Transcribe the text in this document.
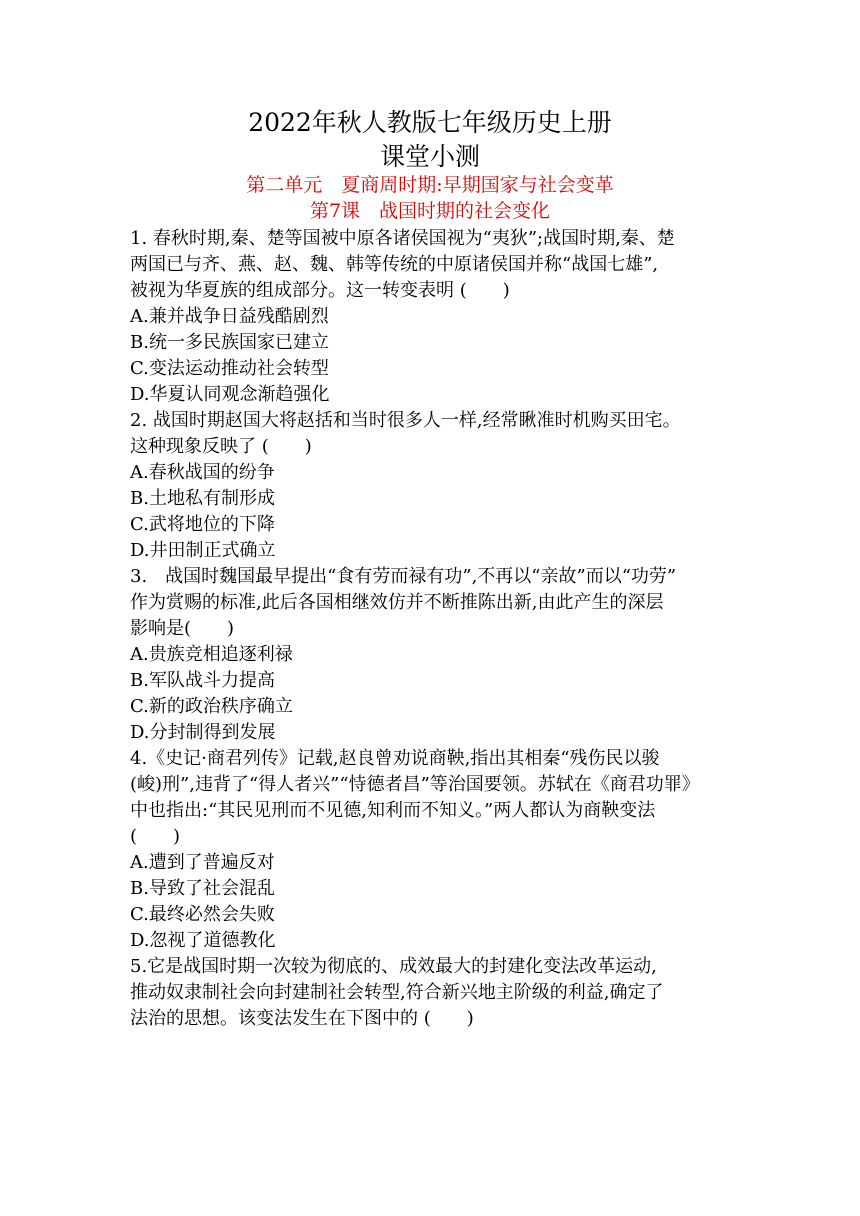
2022年秋人教版七年级历史上册
课堂小测
第二单元　夏商周时期:早期国家与社会变革
第7课　战国时期的社会变化
1. 春秋时期,秦、楚等国被中原各诸侯国视为“夷狄”;战国时期,秦、楚
两国已与齐、燕、赵、魏、韩等传统的中原诸侯国并称“战国七雄”,
被视为华夏族的组成部分。这一转变表明 (　　)
A.兼并战争日益残酷剧烈
B.统一多民族国家已建立
C.变法运动推动社会转型
D.华夏认同观念渐趋强化
2. 战国时期赵国大将赵括和当时很多人一样,经常瞅准时机购买田宅。
这种现象反映了 (　　)
A.春秋战国的纷争
B.土地私有制形成
C.武将地位的下降
D.井田制正式确立
3.　战国时魏国最早提出“食有劳而禄有功”,不再以“亲故”而以“功劳”
作为赏赐的标准,此后各国相继效仿并不断推陈出新,由此产生的深层
影响是(　　)
A.贵族竞相追逐利禄
B.军队战斗力提高
C.新的政治秩序确立
D.分封制得到发展
4.《史记·商君列传》记载,赵良曾劝说商鞅,指出其相秦“残伤民以骏
(峻)刑”,违背了“得人者兴”“恃德者昌”等治国要领。苏轼在《商君功罪》
中也指出:“其民见刑而不见德,知利而不知义。”两人都认为商鞅变法
(　　)
A.遭到了普遍反对
B.导致了社会混乱
C.最终必然会失败
D.忽视了道德教化
5.它是战国时期一次较为彻底的、成效最大的封建化变法改革运动,
推动奴隶制社会向封建制社会转型,符合新兴地主阶级的利益,确定了
法治的思想。该变法发生在下图中的 (　　)
